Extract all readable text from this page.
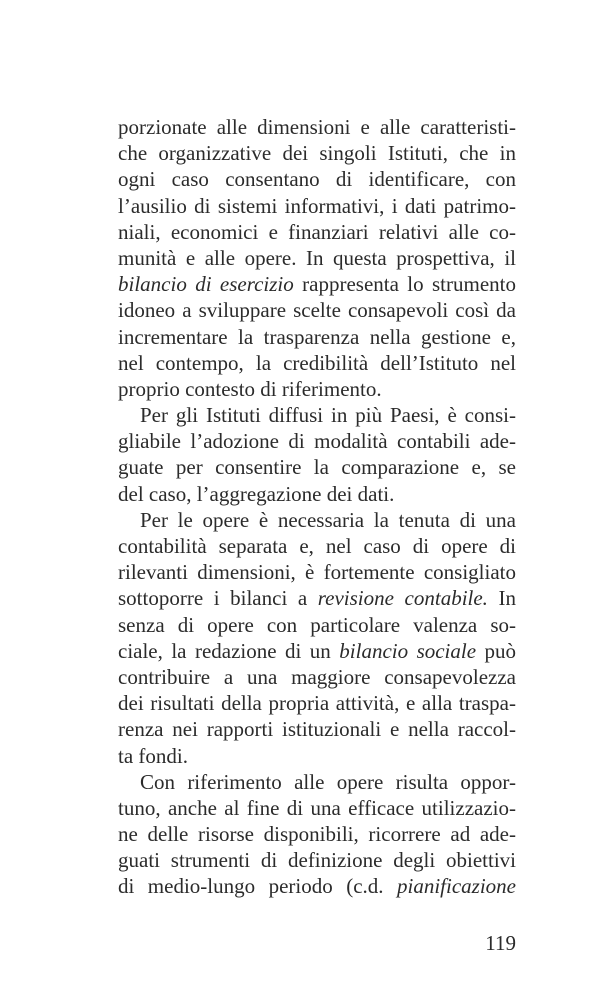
porzionate alle dimensioni e alle caratteristi-
che organizzative dei singoli Istituti, che in
ogni caso consentano di identificare, con
l’ausilio di sistemi informativi, i dati patrimo-
niali, economici e finanziari relativi alle co-
munità e alle opere. In questa prospettiva, il
bilancio di esercizio rappresenta lo strumento
idoneo a sviluppare scelte consapevoli così da
incrementare la trasparenza nella gestione e,
nel contempo, la credibilità dell’Istituto nel
proprio contesto di riferimento.
Per gli Istituti diffusi in più Paesi, è consi-
gliabile l’adozione di modalità contabili ade-
guate per consentire la comparazione e, se
del caso, l’aggregazione dei dati.
Per le opere è necessaria la tenuta di una
contabilità separata e, nel caso di opere di
rilevanti dimensioni, è fortemente consigliato
sottoporre i bilanci a revisione contabile. In
senza di opere con particolare valenza so-
ciale, la redazione di un bilancio sociale può
contribuire a una maggiore consapevolezza
dei risultati della propria attività, e alla traspa-
renza nei rapporti istituzionali e nella raccol-
ta fondi.
Con riferimento alle opere risulta oppor-
tuno, anche al fine di una efficace utilizzazio-
ne delle risorse disponibili, ricorrere ad ade-
guati strumenti di definizione degli obiettivi
di medio-lungo periodo (c.d. pianificazione
119
